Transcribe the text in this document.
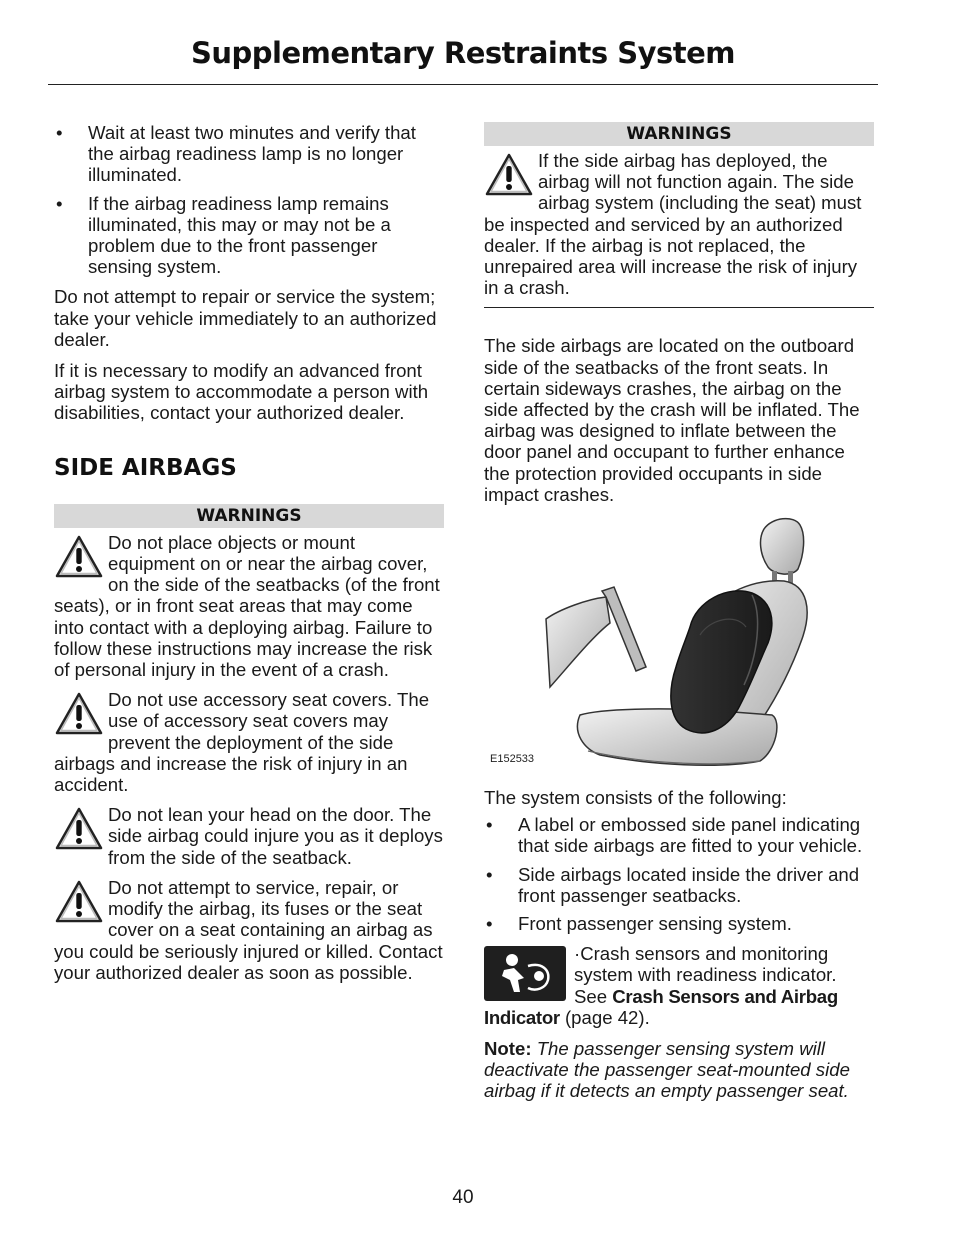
Supplementary Restraints System
• Wait at least two minutes and verify that the airbag readiness lamp is no longer illuminated.
• If the airbag readiness lamp remains illuminated, this may or may not be a problem due to the front passenger sensing system.

Do not attempt to repair or service the system; take your vehicle immediately to an authorized dealer.

If it is necessary to modify an advanced front airbag system to accommodate a person with disabilities, contact your authorized dealer.

SIDE AIRBAGS
WARNINGS
Do not place objects or mount equipment on or near the airbag cover, on the side of the seatbacks (of the front seats), or in front seat areas that may come into contact with a deploying airbag. Failure to follow these instructions may increase the risk of personal injury in the event of a crash.
Do not use accessory seat covers. The use of accessory seat covers may prevent the deployment of the side airbags and increase the risk of injury in an accident.
Do not lean your head on the door. The side airbag could injure you as it deploys from the side of the seatback.
Do not attempt to service, repair, or modify the airbag, its fuses or the seat cover on a seat containing an airbag as you could be seriously injured or killed. Contact your authorized dealer as soon as possible.
WARNINGS
If the side airbag has deployed, the airbag will not function again. The side airbag system (including the seat) must be inspected and serviced by an authorized dealer. If the airbag is not replaced, the unrepaired area will increase the risk of injury in a crash.

The side airbags are located on the outboard side of the seatbacks of the front seats. In certain sideways crashes, the airbag on the side affected by the crash will be inflated. The airbag was designed to inflate between the door panel and occupant to further enhance the protection provided occupants in side impact crashes.

E152533

The system consists of the following:

• A label or embossed side panel indicating that side airbags are fitted to your vehicle.
• Side airbags located inside the driver and front passenger seatbacks.
• Front passenger sensing system.
·Crash sensors and monitoring system with readiness indicator. See Crash Sensors and Airbag Indicator (page 42).

Note: The passenger sensing system will deactivate the passenger seat-mounted side airbag if it detects an empty passenger seat.

40
